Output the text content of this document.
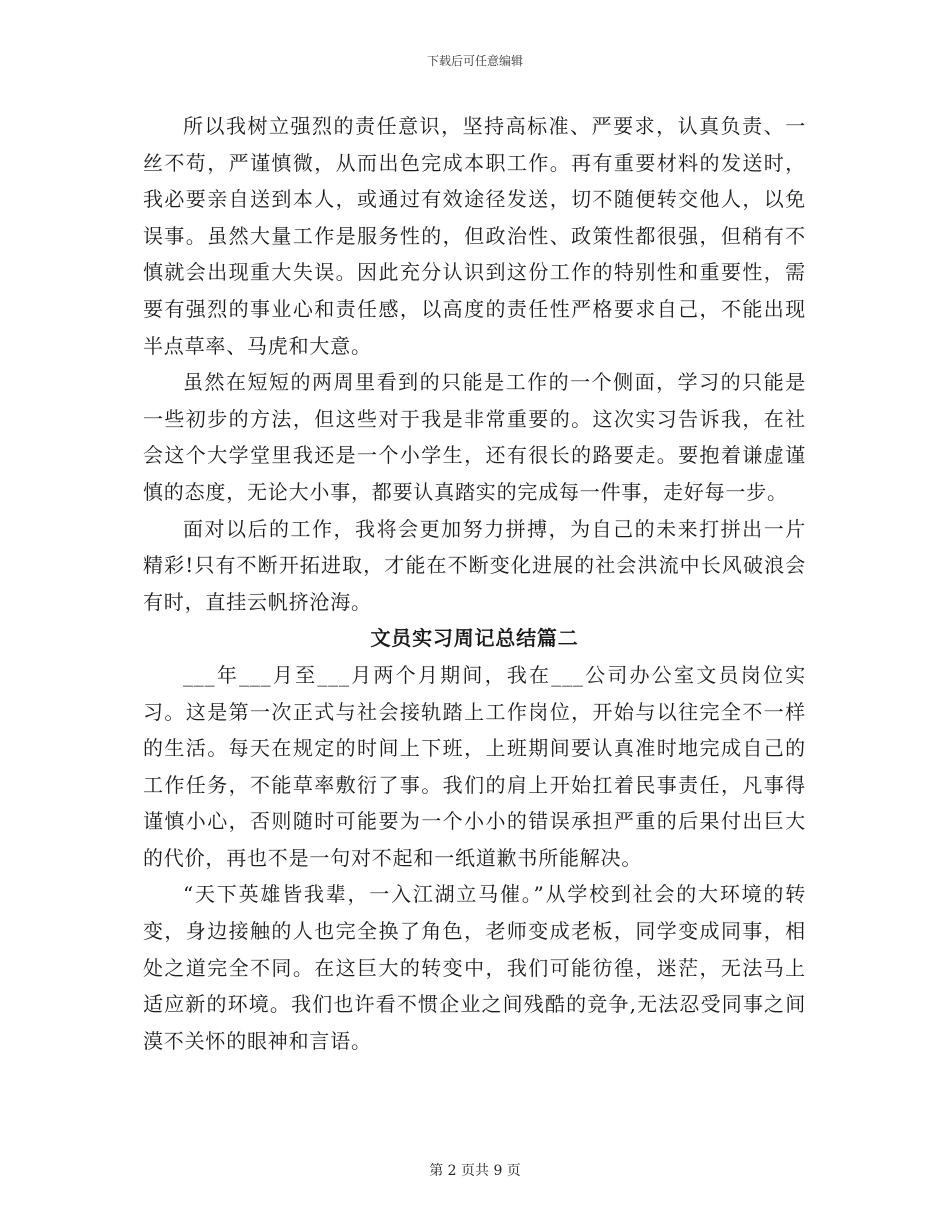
下载后可任意编辑

所以我树立强烈的责任意识，坚持高标准、严要求，认真负责、一丝不苟，严谨慎微，从而出色完成本职工作。再有重要材料的发送时，我必要亲自送到本人，或通过有效途径发送，切不随便转交他人，以免误事。虽然大量工作是服务性的，但政治性、政策性都很强，但稍有不慎就会出现重大失误。因此充分认识到这份工作的特别性和重要性，需要有强烈的事业心和责任感，以高度的责任性严格要求自己，不能出现半点草率、马虎和大意。

虽然在短短的两周里看到的只能是工作的一个侧面，学习的只能是一些初步的方法，但这些对于我是非常重要的。这次实习告诉我，在社会这个大学堂里我还是一个小学生，还有很长的路要走。要抱着谦虚谨慎的态度，无论大小事，都要认真踏实的完成每一件事，走好每一步。

面对以后的工作，我将会更加努力拼搏，为自己的未来打拼出一片精彩!只有不断开拓进取，才能在不断变化进展的社会洪流中长风破浪会有时，直挂云帆挤沧海。

文员实习周记总结篇二

___年___月至___月两个月期间，我在___公司办公室文员岗位实习。这是第一次正式与社会接轨踏上工作岗位，开始与以往完全不一样的生活。每天在规定的时间上下班，上班期间要认真准时地完成自己的工作任务，不能草率敷衍了事。我们的肩上开始扛着民事责任，凡事得谨慎小心，否则随时可能要为一个小小的错误承担严重的后果付出巨大的代价，再也不是一句对不起和一纸道歉书所能解决。

“天下英雄皆我辈，一入江湖立马催。”从学校到社会的大环境的转变，身边接触的人也完全换了角色，老师变成老板，同学变成同事，相处之道完全不同。在这巨大的转变中，我们可能彷徨，迷茫，无法马上适应新的环境。我们也许看不惯企业之间残酷的竞争,无法忍受同事之间漠不关怀的眼神和言语。

第 2 页共 9 页
